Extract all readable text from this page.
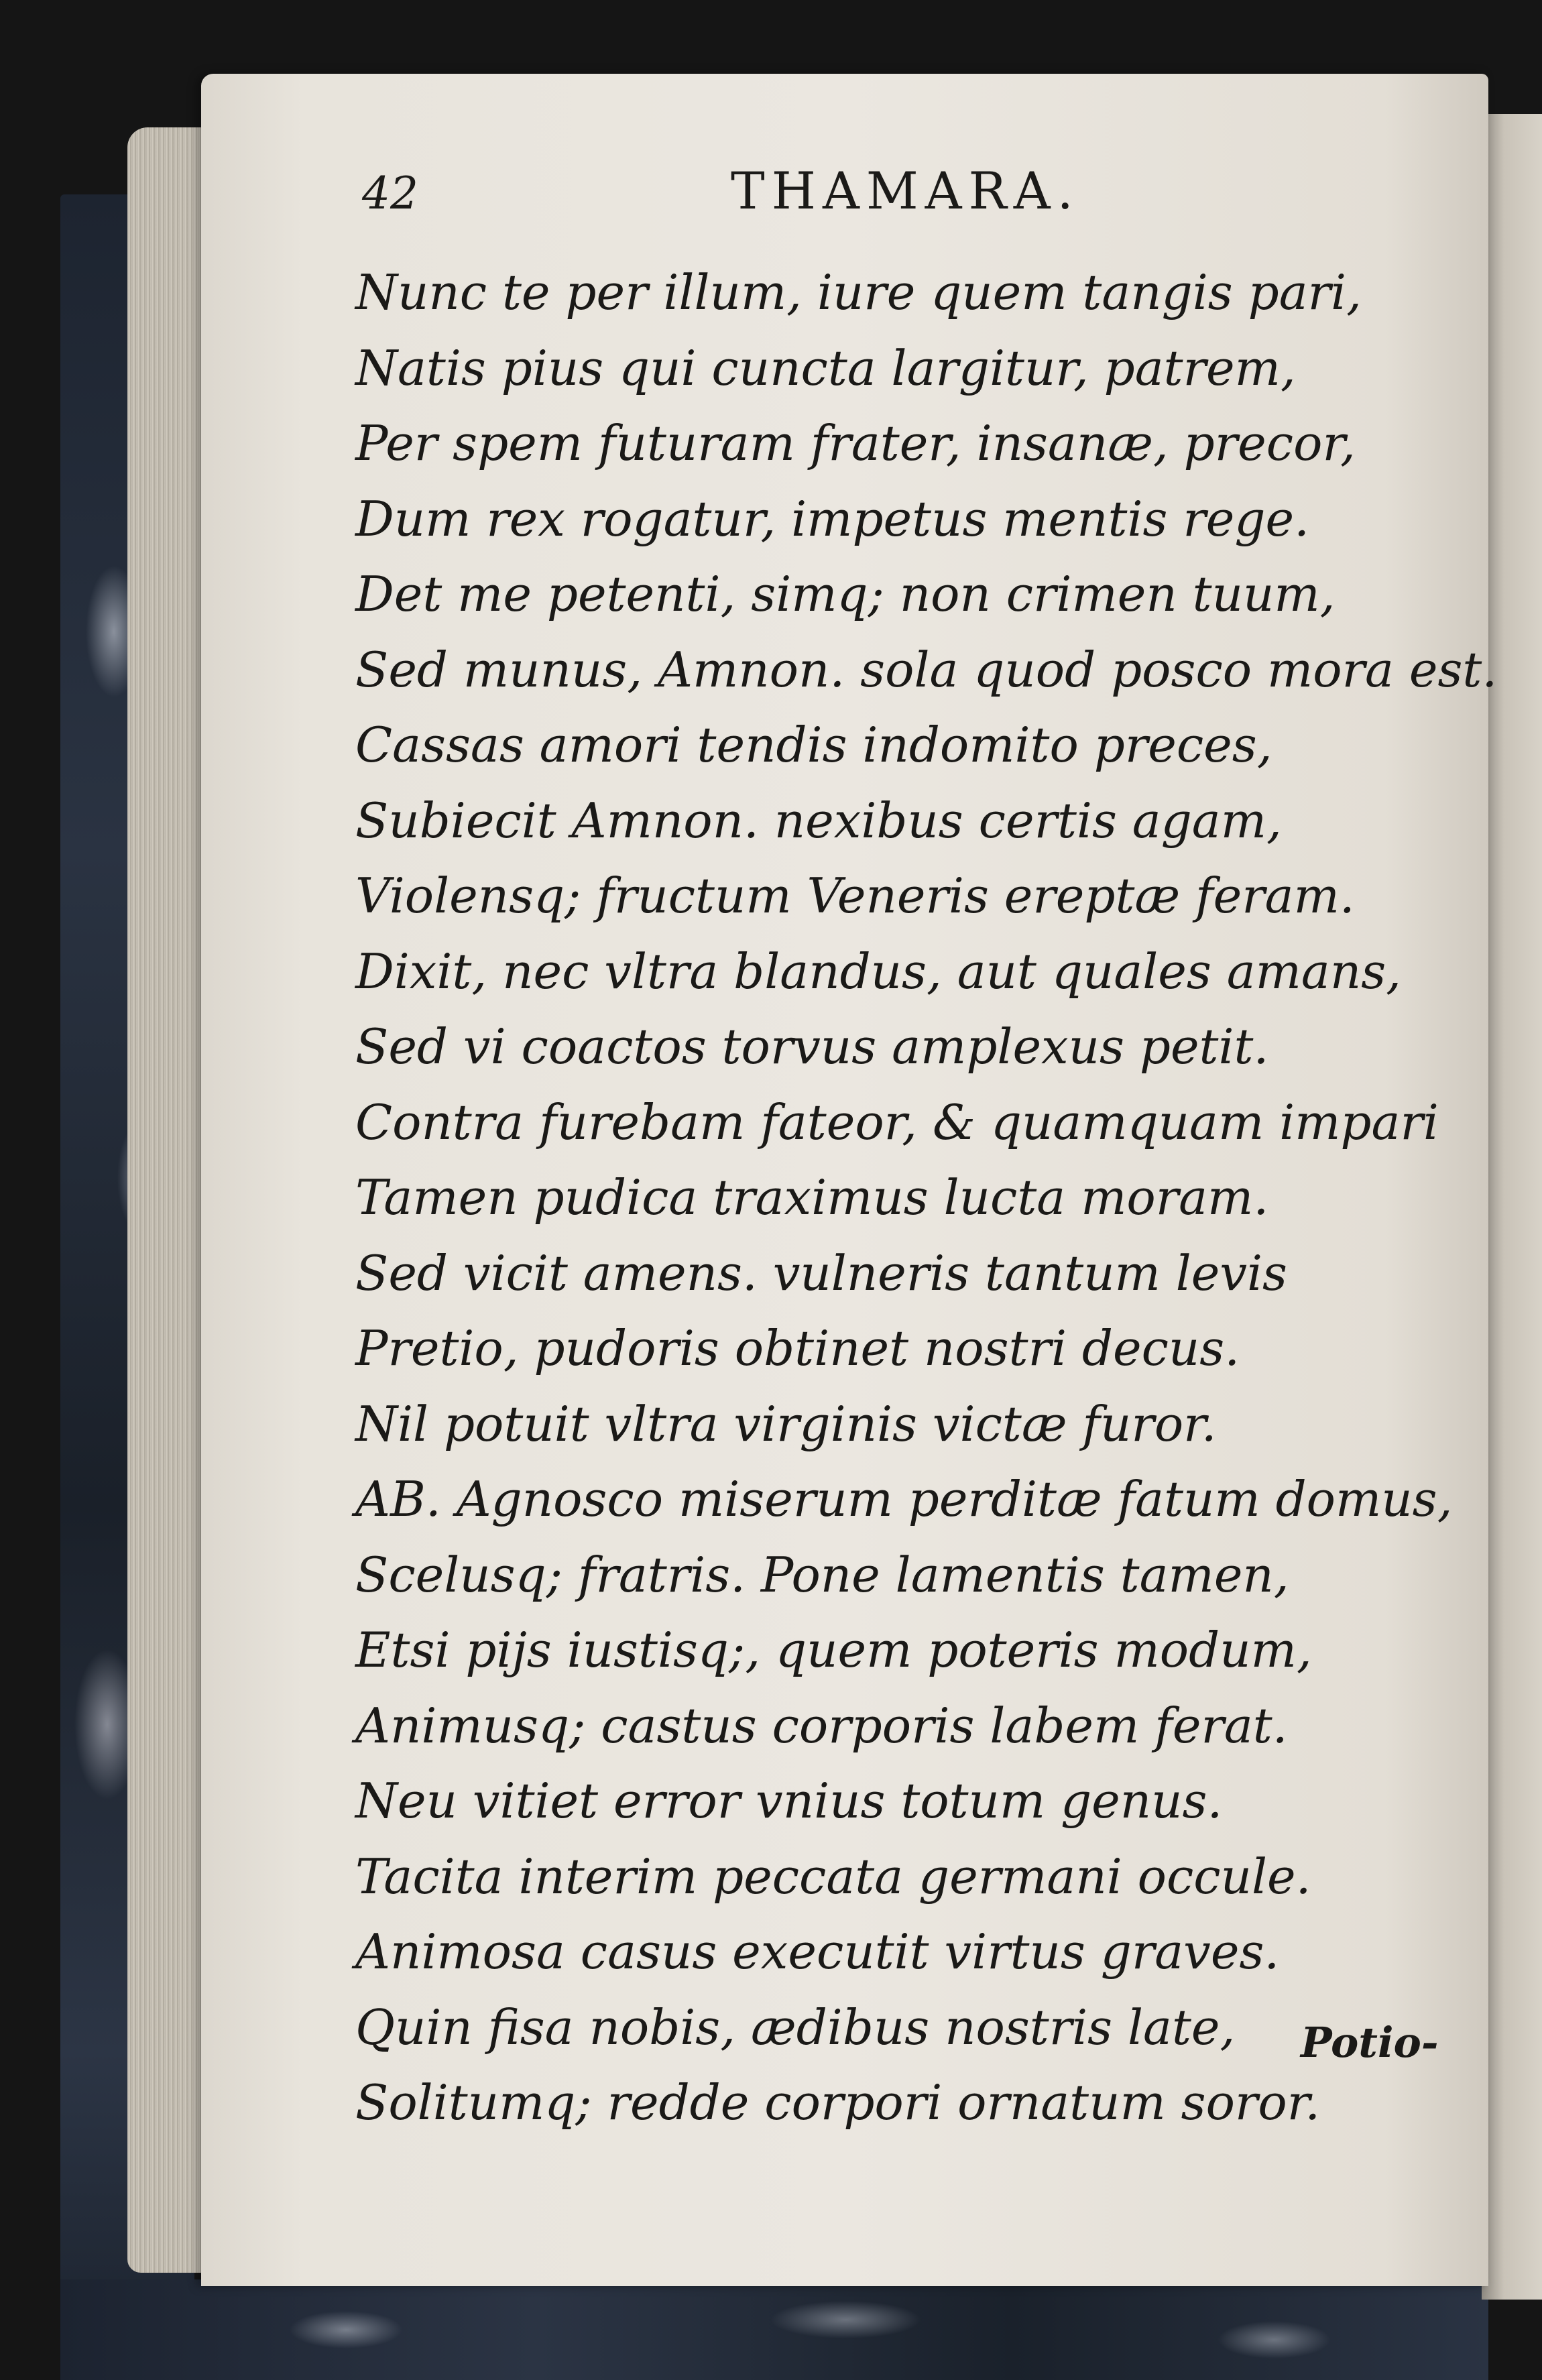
42	THAMARA.
Nunc te per illum, iure quem tangis pari,
Natis pius qui cuncta largitur, patrem,
Per spem futuram frater, insanæ, precor,
Dum rex rogatur, impetus mentis rege.
Det me petenti, simq; non crimen tuum,
Sed munus, Amnon. sola quod posco mora est.
Cassas amori tendis indomito preces,
Subiecit Amnon. nexibus certis agam,
Violensq; fructum Veneris ereptæ feram.
Dixit, nec vltra blandus, aut quales amans,
Sed vi coactos torvus amplexus petit.
Contra furebam fateor, & quamquam impari
Tamen pudica traximus lucta moram.
Sed vicit amens. vulneris tantum levis
Pretio, pudoris obtinet nostri decus.
Nil potuit vltra virginis victæ furor.
AB. Agnosco miserum perditæ fatum domus,
Scelusq; fratris. Pone lamentis tamen,
Etsi pijs iustisq;, quem poteris modum,
Animusq; castus corporis labem ferat.
Neu vitiet error vnius totum genus.
Tacita interim peccata germani occule.
Animosa casus executit virtus graves.
Quin fisa nobis, ædibus nostris late,
Solitumq; redde corpori ornatum soror.
Potio-
